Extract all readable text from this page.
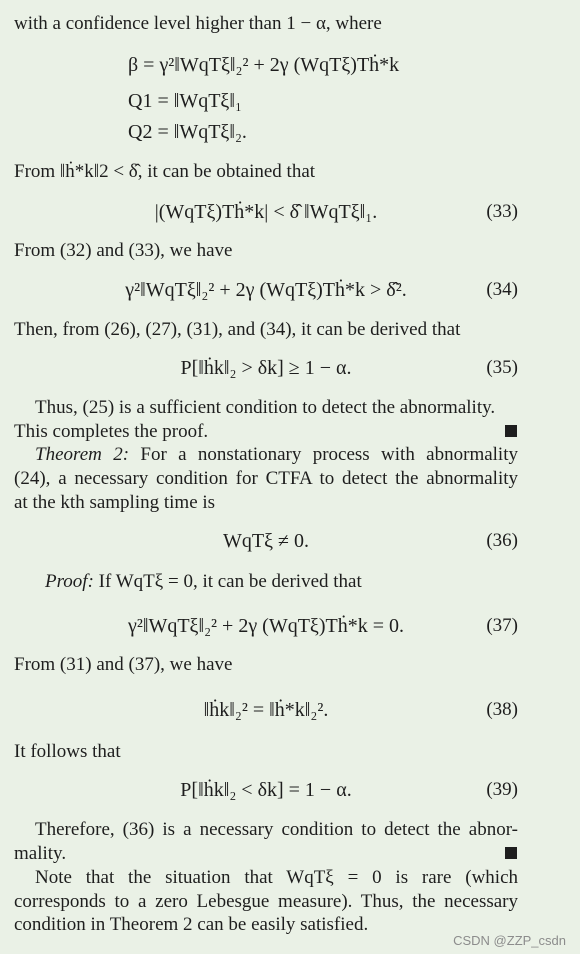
with a confidence level higher than 1 − α, where
β = γ²‖WqTξ‖₂² + 2γ (WqTξ)Tḣ*k
Q1 = ‖WqTξ‖₁
Q2 = ‖WqTξ‖₂.
From ‖ḣ*k‖2 < δ̂, it can be obtained that
|(WqTξ)Tḣ*k| < δ̂ ‖WqTξ‖₁.	(33)
From (32) and (33), we have
γ²‖WqTξ‖₂² + 2γ (WqTξ)Tḣ*k > δ̂².	(34)
Then, from (26), (27), (31), and (34), it can be derived that
P[‖ḣk‖₂ > δk] ≥ 1 − α.	(35)
Thus, (25) is a sufficient condition to detect the abnormality.
This completes the proof.
Theorem 2: For a nonstationary process with abnormality
(24), a necessary condition for CTFA to detect the abnormality
at the kth sampling time is
WqTξ ≠ 0.	(36)
Proof: If WqTξ = 0, it can be derived that
γ²‖WqTξ‖₂² + 2γ (WqTξ)Tḣ*k = 0.	(37)
From (31) and (37), we have
‖ḣk‖₂² = ‖ḣ*k‖₂².	(38)
It follows that
P[‖ḣk‖₂ < δk] = 1 − α.	(39)
Therefore, (36) is a necessary condition to detect the abnor-
mality.
Note that the situation that WqTξ = 0 is rare (which
corresponds to a zero Lebesgue measure). Thus, the necessary
condition in Theorem 2 can be easily satisfied.
CSDN @ZZP_csdn
